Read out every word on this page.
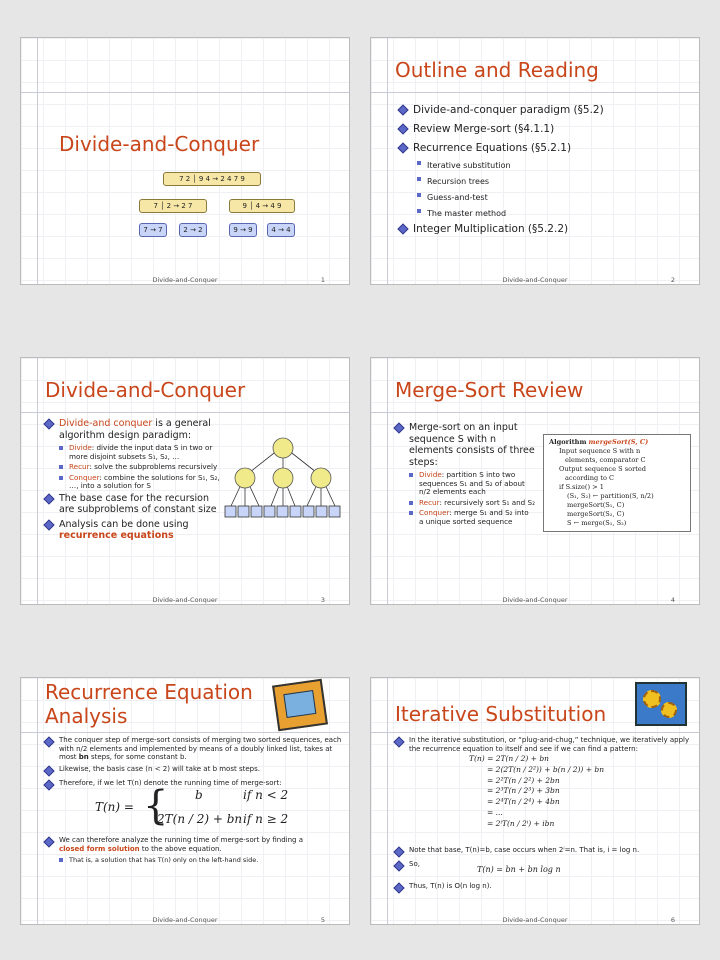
Divide-and-Conquer
7 2 │ 9 4 → 2 4 7 9
7 │ 2 → 2 7	9 │ 4 → 4 9
7 → 7	2 → 2	9 → 9	4 → 4
Divide-and-Conquer	1
Outline and Reading
Divide-and-conquer paradigm (§5.2)
Review Merge-sort (§4.1.1)
Recurrence Equations (§5.2.1)
Iterative substitution
Recursion trees
Guess-and-test
The master method
Integer Multiplication (§5.2.2)
Divide-and-Conquer	2
Divide-and-Conquer
Divide-and conquer is a general algorithm design paradigm:
Divide: divide the input data S in two or more disjoint subsets S₁, S₂, …
Recur: solve the subproblems recursively
Conquer: combine the solutions for S₁, S₂, …, into a solution for S
The base case for the recursion are subproblems of constant size
Analysis can be done using recurrence equations
Divide-and-Conquer	3
Merge-Sort Review
Merge-sort on an input sequence S with n elements consists of three steps:
Divide: partition S into two sequences S₁ and S₂ of about n/2 elements each
Recur: recursively sort S₁ and S₂
Conquer: merge S₁ and S₂ into a unique sorted sequence
Algorithm mergeSort(S, C)
Input sequence S with n
elements, comparator C
Output sequence S sorted
according to C
if S.size() > 1
(S₁, S₂) ← partition(S, n/2)
mergeSort(S₁, C)
mergeSort(S₂, C)
S ← merge(S₁, S₂)
Divide-and-Conquer	4
Recurrence Equation
Analysis
The conquer step of merge-sort consists of merging two sorted sequences, each with n/2 elements and implemented by means of a doubly linked list, takes at most bn steps, for some constant b.
Likewise, the basis case (n < 2) will take at b most steps.
Therefore, if we let T(n) denote the running time of merge-sort:
T(n) = { b	if n < 2
2T(n / 2) + bn if n ≥ 2
We can therefore analyze the running time of merge-sort by finding a closed form solution to the above equation.
That is, a solution that has T(n) only on the left-hand side.
Divide-and-Conquer	5
Iterative Substitution
In the iterative substitution, or “plug-and-chug,” technique, we iteratively apply the recurrence equation to itself and see if we can find a pattern:
T(n) = 2T(n / 2) + bn
= 2(2T(n / 2²)) + b(n / 2)) + bn
= 2²T(n / 2²) + 2bn
= 2³T(n / 2³) + 3bn
= 2⁴T(n / 2⁴) + 4bn
= ...
= 2ⁱT(n / 2ⁱ) + ibn
Note that base, T(n)=b, case occurs when 2ⁱ=n. That is, i = log n.
So,
T(n) = bn + bn log n
Thus, T(n) is O(n log n).
Divide-and-Conquer	6
